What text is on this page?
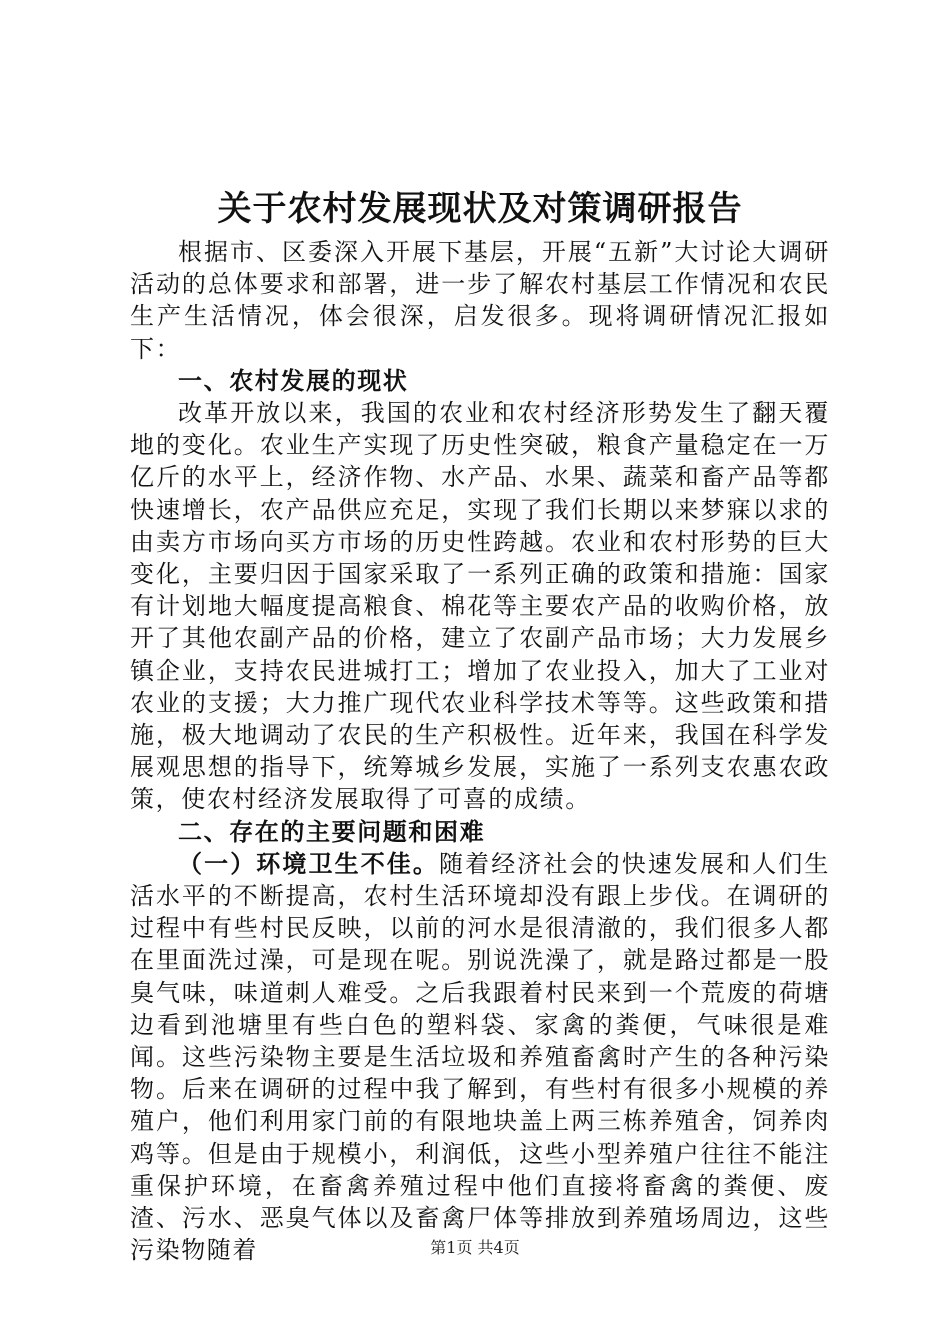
关于农村发展现状及对策调研报告

根据市、区委深入开展下基层，开展“五新”大讨论大调研活动的总体要求和部署，进一步了解农村基层工作情况和农民生产生活情况，体会很深，启发很多。现将调研情况汇报如下：

一、农村发展的现状

改革开放以来，我国的农业和农村经济形势发生了翻天覆地的变化。农业生产实现了历史性突破，粮食产量稳定在一万亿斤的水平上，经济作物、水产品、水果、蔬菜和畜产品等都快速增长，农产品供应充足，实现了我们长期以来梦寐以求的由卖方市场向买方市场的历史性跨越。农业和农村形势的巨大变化，主要归因于国家采取了一系列正确的政策和措施：国家有计划地大幅度提高粮食、棉花等主要农产品的收购价格，放开了其他农副产品的价格，建立了农副产品市场；大力发展乡镇企业，支持农民进城打工；增加了农业投入，加大了工业对农业的支援；大力推广现代农业科学技术等等。这些政策和措施，极大地调动了农民的生产积极性。近年来，我国在科学发展观思想的指导下，统筹城乡发展，实施了一系列支农惠农政策，使农村经济发展取得了可喜的成绩。

二、存在的主要问题和困难

（一）环境卫生不佳。随着经济社会的快速发展和人们生活水平的不断提高，农村生活环境却没有跟上步伐。在调研的过程中有些村民反映，以前的河水是很清澈的，我们很多人都在里面洗过澡，可是现在呢。别说洗澡了，就是路过都是一股臭气味，味道刺人难受。之后我跟着村民来到一个荒废的荷塘边看到池塘里有些白色的塑料袋、家禽的粪便，气味很是难闻。这些污染物主要是生活垃圾和养殖畜禽时产生的各种污染物。后来在调研的过程中我了解到，有些村有很多小规模的养殖户，他们利用家门前的有限地块盖上两三栋养殖舍，饲养肉鸡等。但是由于规模小，利润低，这些小型养殖户往往不能注重保护环境，在畜禽养殖过程中他们直接将畜禽的粪便、废渣、污水、恶臭气体以及畜禽尸体等排放到养殖场周边，这些污染物随着	第1页 共4页
